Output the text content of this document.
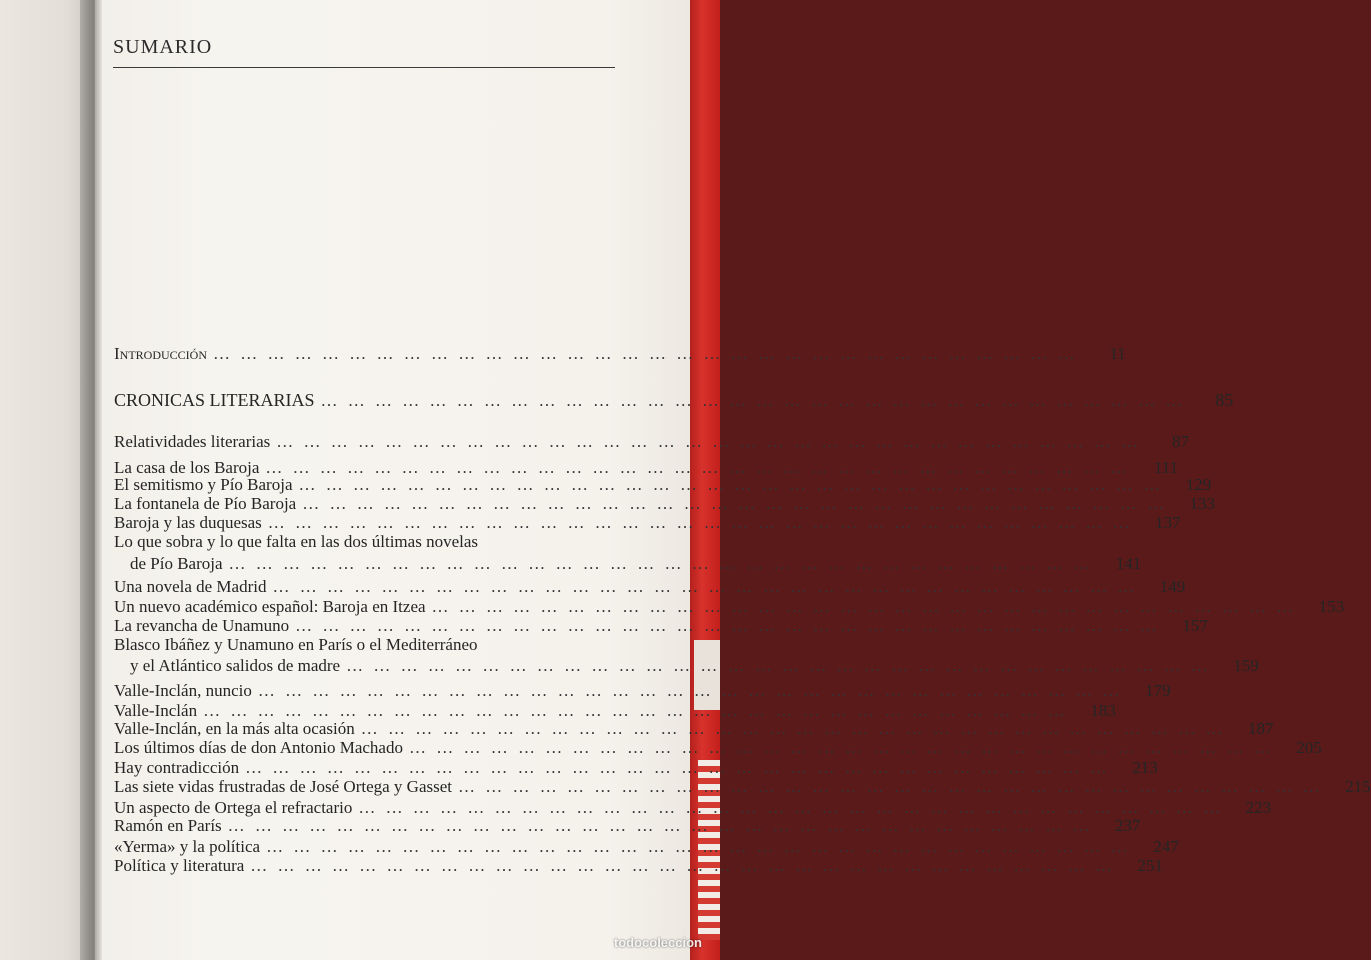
SUMARIO
todocoleccion
Introducción … … … … … … … … … … … … … … … … … … … … … … … … … … … … … … … …	11
CRONICAS LITERARIAS … … … … … … … … … … … … … … … … … … … … … … … … … … … … … … … …	85
Relatividades literarias … … … … … … … … … … … … … … … … … … … … … … … … … … … … … … … …	87
La casa de los Baroja … … … … … … … … … … … … … … … … … … … … … … … … … … … … … … … …	111
El semitismo y Pío Baroja … … … … … … … … … … … … … … … … … … … … … … … … … … … … … … … …	129
La fontanela de Pío Baroja … … … … … … … … … … … … … … … … … … … … … … … … … … … … … … … …	133
Baroja y las duquesas … … … … … … … … … … … … … … … … … … … … … … … … … … … … … … … …	137
Lo que sobra y lo que falta en las dos últimas novelas
de Pío Baroja … … … … … … … … … … … … … … … … … … … … … … … … … … … … … … … …	141
Una novela de Madrid … … … … … … … … … … … … … … … … … … … … … … … … … … … … … … … …	149
Un nuevo académico español: Baroja en Itzea … … … … … … … … … … … … … … … … … … … … … … … … … … … … … … … …	153
La revancha de Unamuno … … … … … … … … … … … … … … … … … … … … … … … … … … … … … … … …	157
Blasco Ibáñez y Unamuno en París o el Mediterráneo
y el Atlántico salidos de madre … … … … … … … … … … … … … … … … … … … … … … … … … … … … … … … …	159
Valle-Inclán, nuncio … … … … … … … … … … … … … … … … … … … … … … … … … … … … … … … …	179
Valle-Inclán … … … … … … … … … … … … … … … … … … … … … … … … … … … … … … … …	183
Valle-Inclán, en la más alta ocasión … … … … … … … … … … … … … … … … … … … … … … … … … … … … … … … …	187
Los últimos días de don Antonio Machado … … … … … … … … … … … … … … … … … … … … … … … … … … … … … … … …	205
Hay contradicción … … … … … … … … … … … … … … … … … … … … … … … … … … … … … … … …	213
Las siete vidas frustradas de José Ortega y Gasset … … … … … … … … … … … … … … … … … … … … … … … … … … … … … … … …	215
Un aspecto de Ortega el refractario … … … … … … … … … … … … … … … … … … … … … … … … … … … … … … … …	223
Ramón en París … … … … … … … … … … … … … … … … … … … … … … … … … … … … … … … …	237
«Yerma» y la política … … … … … … … … … … … … … … … … … … … … … … … … … … … … … … … …	247
Política y literatura … … … … … … … … … … … … … … … … … … … … … … … … … … … … … … … …	251
